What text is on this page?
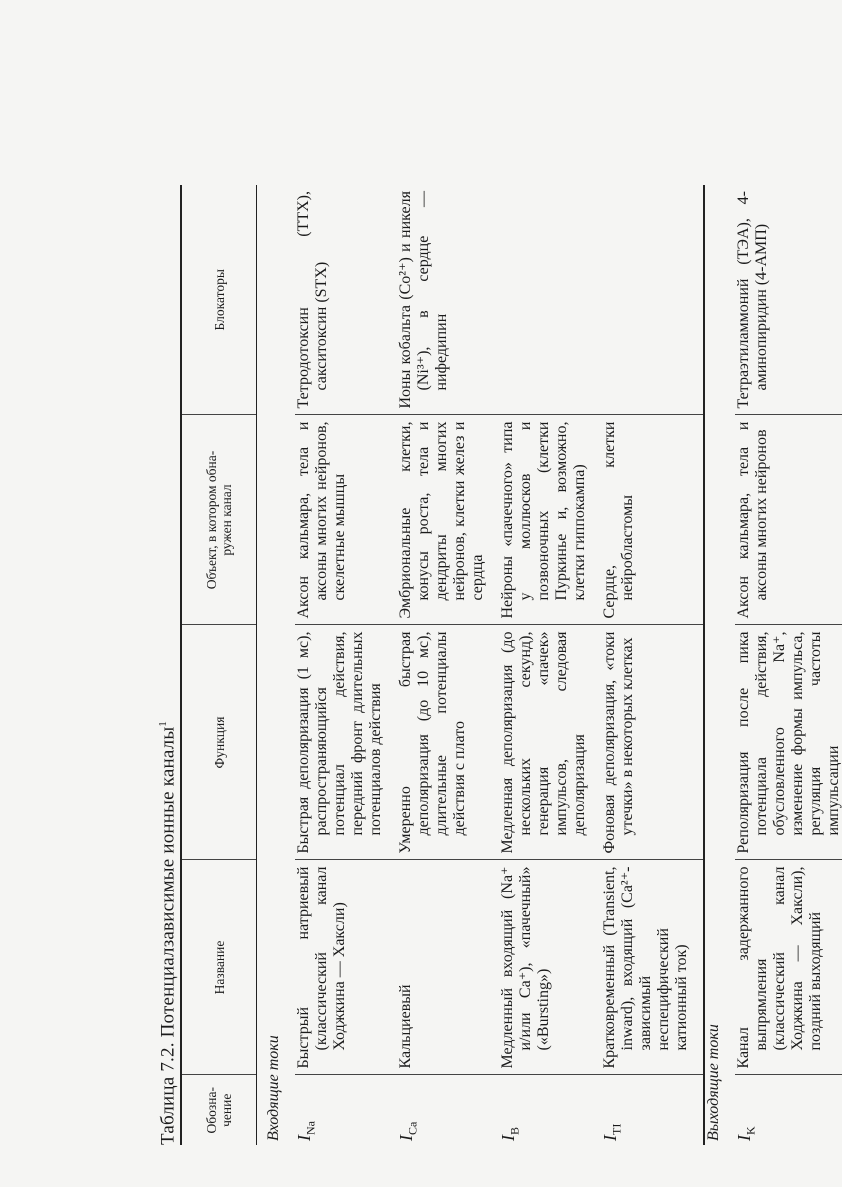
Таблица 7.2. Потенциалзависимые ионные каналы$^1$
Обозна-
чение	Название	Функция	Объект, в котором обна-
ружен канал	Блокаторы
Входящие токи				
$I_{Na}$	Быстрый натриевый (классический канал Ходжкина — Хаксли)	Быстрая деполяризация (1 мс), распространяющийся потенциал действия, передний фронт длительных потенциалов действия	Аксон кальмара, тела и аксоны многих нейронов, скелетные мышцы	Тетродотоксин (TTX), сакситоксин (STX)

$I_{Ca}$	Кальциевый	Умеренно быстрая деполяризация (до 10 мс), длительные потенциалы действия с плато	Эмбриональные клетки, конусы роста, тела и дендриты многих нейронов, клетки желез и сердца	Ионы кобальта (Co²⁺) и никеля (Ni³⁺), в сердце — нифедипин

$I_B$	Медленный входящий (Na⁺ и/или Ca⁺), «пачечный» («Bursting»)	Медленная деполяризация (до нескольких секунд), генерация «пачек» импульсов, следовая деполяризация	Нейроны «пачечного» типа у моллюсков и позвоночных (клетки Пуркинье и, возможно, клетки гиппокампа)	

$I_{TI}$	Кратковременный (Transient, inward), входящий (Ca²⁺-зависимый неспецифический катионный ток)	Фоновая деполяризация, «токи утечки» в некоторых клетках	Сердце, клетки нейробластомы	

Выходящие токи				
$I_K$	Канал задержанного выпрямления (классический канал Ходжкина — Хаксли), поздний выходящий	Реполяризация после пика потенциала действия, обусловленного Na⁺, изменение формы импульса, регуляция частоты импульсации	Аксон кальмара, тела и аксоны многих нейронов	Тетраэтиламмоний (ТЭА), 4-аминопиридин (4-АМП)
